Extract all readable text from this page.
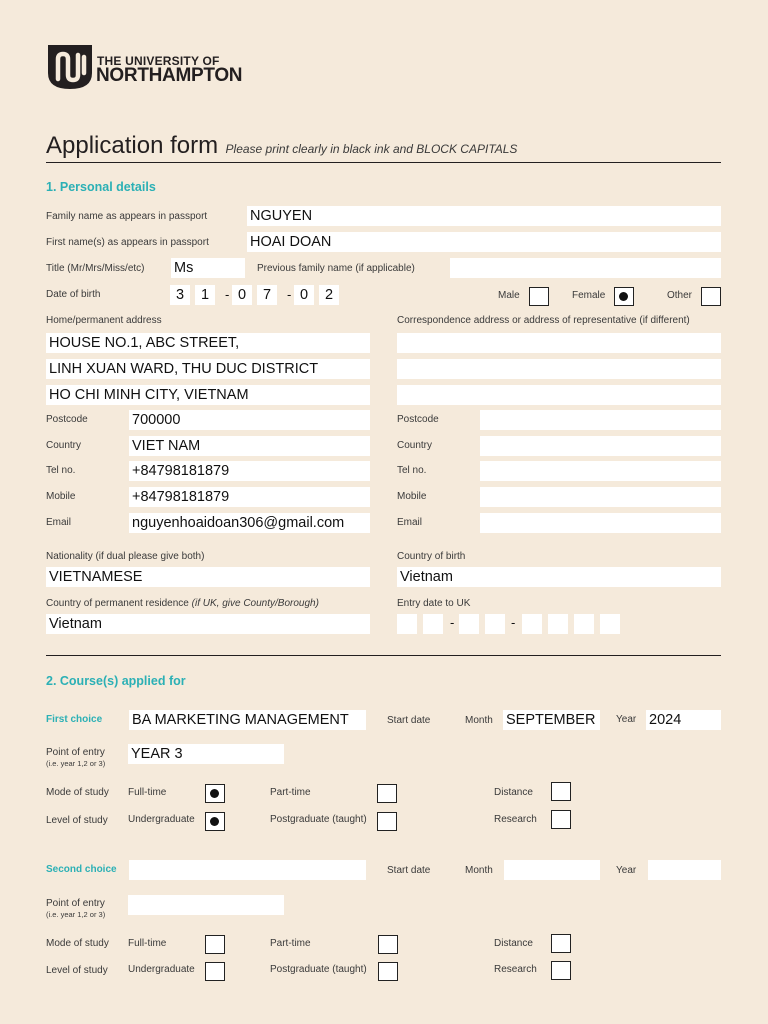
THE UNIVERSITY OF
NORTHAMPTON
Application form Please print clearly in black ink and BLOCK CAPITALS
1. Personal details
Family name as appears in passport	NGUYEN
First name(s) as appears in passport	HOAI DOAN
Title (Mr/Mrs/Miss/etc) Ms	Previous family name (if applicable)
Date of birth	3	1	- 0	7	- 0	2	Male	Female	Other
Home/permanent address	Correspondence address or address of representative (if different)
HOUSE NO.1, ABC STREET,
LINH XUAN WARD, THU DUC DISTRICT
HO CHI MINH CITY, VIETNAM
Postcode	700000	Postcode
Country	VIET NAM	Country
Tel no.	+84798181879	Tel no.
Mobile	+84798181879	Mobile
Email	nguyenhoaidoan306@gmail.com	Email
Nationality (if dual please give both)
VIETNAMESE
Country of birth
Vietnam
Country of permanent residence (if UK, give County/Borough)
Vietnam
Entry date to UK
-	-
2. Course(s) applied for
First choice BA MARKETING MANAGEMENT	Start date	Month SEPTEMBER	Year 2024
Point of entry
(i.e. year 1,2 or 3)
YEAR 3
Mode of study Full-time	Part-time	Distance
Level of study Undergraduate	Postgraduate (taught)	Research
Second choice	Start date	Month	Year
Point of entry
(i.e. year 1,2 or 3)
Mode of study Full-time	Part-time	Distance
Level of study Undergraduate	Postgraduate (taught)	Research
